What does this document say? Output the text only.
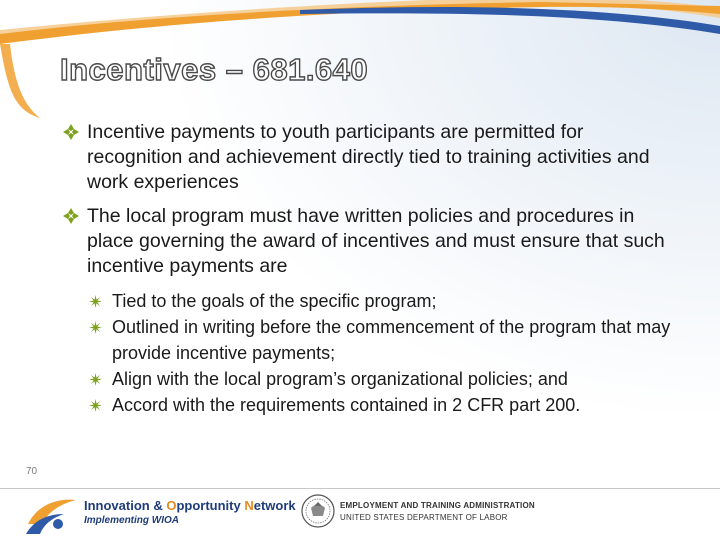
Incentives – 681.640
Incentive payments to youth participants are permitted for recognition and achievement directly tied to training activities and work experiences
The local program must have written policies and procedures in place governing the award of incentives and must ensure that such incentive payments are
Tied to the goals of the specific program;
Outlined in writing before the commencement of the program that may provide incentive payments;
Align with the local program’s organizational policies; and
Accord with the requirements contained in 2 CFR part 200.
70
Innovation & Opportunity Network
Implementing WIOA
EMPLOYMENT AND TRAINING ADMINISTRATION
UNITED STATES DEPARTMENT OF LABOR
